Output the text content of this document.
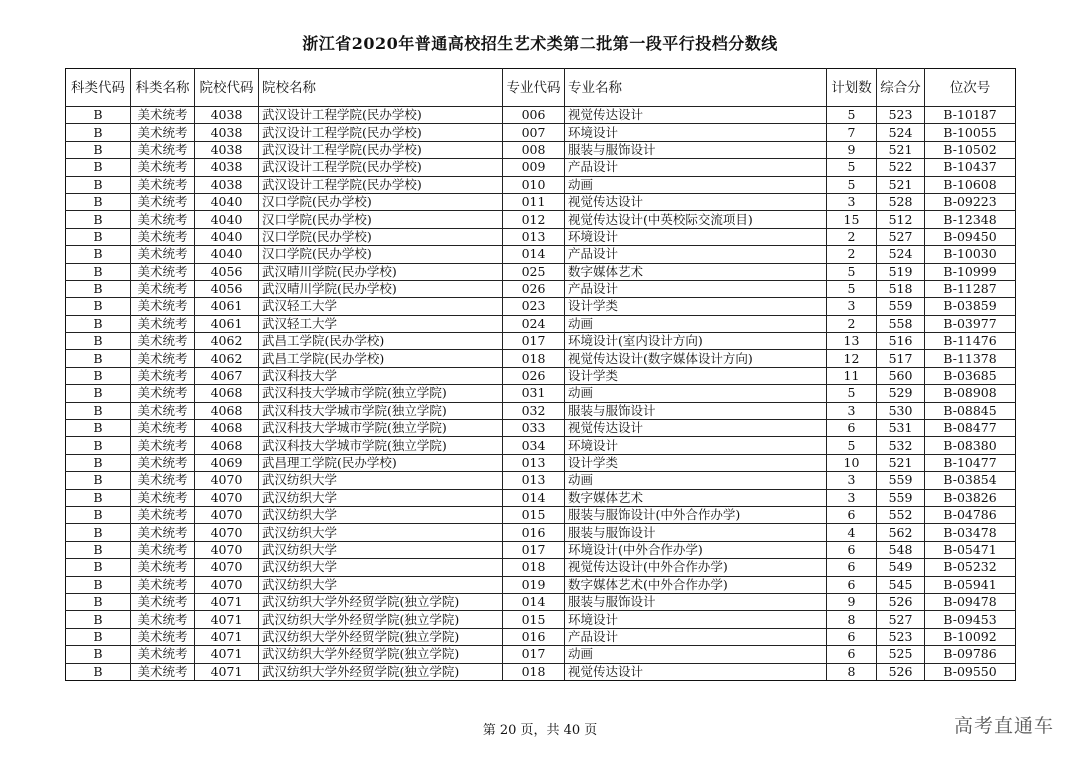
浙江省2020年普通高校招生艺术类第二批第一段平行投档分数线
科类代码	科类名称	院校代码	院校名称	专业代码	专业名称	计划数	综合分	位次号
B	美术统考	4038	武汉设计工程学院(民办学校)	006	视觉传达设计	5	523	B-10187
B	美术统考	4038	武汉设计工程学院(民办学校)	007	环境设计	7	524	B-10055
B	美术统考	4038	武汉设计工程学院(民办学校)	008	服装与服饰设计	9	521	B-10502
B	美术统考	4038	武汉设计工程学院(民办学校)	009	产品设计	5	522	B-10437
B	美术统考	4038	武汉设计工程学院(民办学校)	010	动画	5	521	B-10608
B	美术统考	4040	汉口学院(民办学校)	011	视觉传达设计	3	528	B-09223
B	美术统考	4040	汉口学院(民办学校)	012	视觉传达设计(中英校际交流项目)	15	512	B-12348
B	美术统考	4040	汉口学院(民办学校)	013	环境设计	2	527	B-09450
B	美术统考	4040	汉口学院(民办学校)	014	产品设计	2	524	B-10030
B	美术统考	4056	武汉晴川学院(民办学校)	025	数字媒体艺术	5	519	B-10999
B	美术统考	4056	武汉晴川学院(民办学校)	026	产品设计	5	518	B-11287
B	美术统考	4061	武汉轻工大学	023	设计学类	3	559	B-03859
B	美术统考	4061	武汉轻工大学	024	动画	2	558	B-03977
B	美术统考	4062	武昌工学院(民办学校)	017	环境设计(室内设计方向)	13	516	B-11476
B	美术统考	4062	武昌工学院(民办学校)	018	视觉传达设计(数字媒体设计方向)	12	517	B-11378
B	美术统考	4067	武汉科技大学	026	设计学类	11	560	B-03685
B	美术统考	4068	武汉科技大学城市学院(独立学院)	031	动画	5	529	B-08908
B	美术统考	4068	武汉科技大学城市学院(独立学院)	032	服装与服饰设计	3	530	B-08845
B	美术统考	4068	武汉科技大学城市学院(独立学院)	033	视觉传达设计	6	531	B-08477
B	美术统考	4068	武汉科技大学城市学院(独立学院)	034	环境设计	5	532	B-08380
B	美术统考	4069	武昌理工学院(民办学校)	013	设计学类	10	521	B-10477
B	美术统考	4070	武汉纺织大学	013	动画	3	559	B-03854
B	美术统考	4070	武汉纺织大学	014	数字媒体艺术	3	559	B-03826
B	美术统考	4070	武汉纺织大学	015	服装与服饰设计(中外合作办学)	6	552	B-04786
B	美术统考	4070	武汉纺织大学	016	服装与服饰设计	4	562	B-03478
B	美术统考	4070	武汉纺织大学	017	环境设计(中外合作办学)	6	548	B-05471
B	美术统考	4070	武汉纺织大学	018	视觉传达设计(中外合作办学)	6	549	B-05232
B	美术统考	4070	武汉纺织大学	019	数字媒体艺术(中外合作办学)	6	545	B-05941
B	美术统考	4071	武汉纺织大学外经贸学院(独立学院)	014	服装与服饰设计	9	526	B-09478
B	美术统考	4071	武汉纺织大学外经贸学院(独立学院)	015	环境设计	8	527	B-09453
B	美术统考	4071	武汉纺织大学外经贸学院(独立学院)	016	产品设计	6	523	B-10092
B	美术统考	4071	武汉纺织大学外经贸学院(独立学院)	017	动画	6	525	B-09786
B	美术统考	4071	武汉纺织大学外经贸学院(独立学院)	018	视觉传达设计	8	526	B-09550
第 20 页，共 40 页	高考直通车
